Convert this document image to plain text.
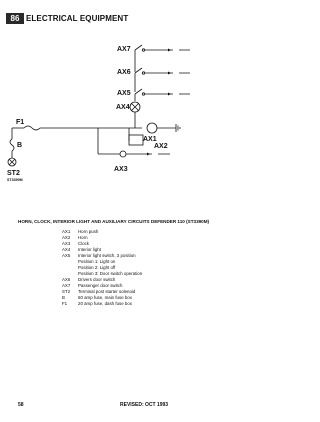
86 ELECTRICAL EQUIPMENT
AX7
AX6
AX5
AX4
AX1
AX2
AX3
F1
B
ST2
ST3390M
HORN, CLOCK, INTERIOR LIGHT AND AUXILIARY CIRCUITS DEFENDER 110 (ST3390M)
AX1	Horn push
AX2	Horn
AX3	Clock
AX4	Interior light
AX5	Interior light switch, 3 position
Position 1: Light on
Position 2: Light off
Position 3: Door switch operation
AX6	Drivers door switch
AX7	Passenger door switch
ST2	Terminal post starter solenoid
B	60 amp fuse, main fuse box
F1	20 amp fuse, dash fuse box
58	REVISED: OCT 1993
